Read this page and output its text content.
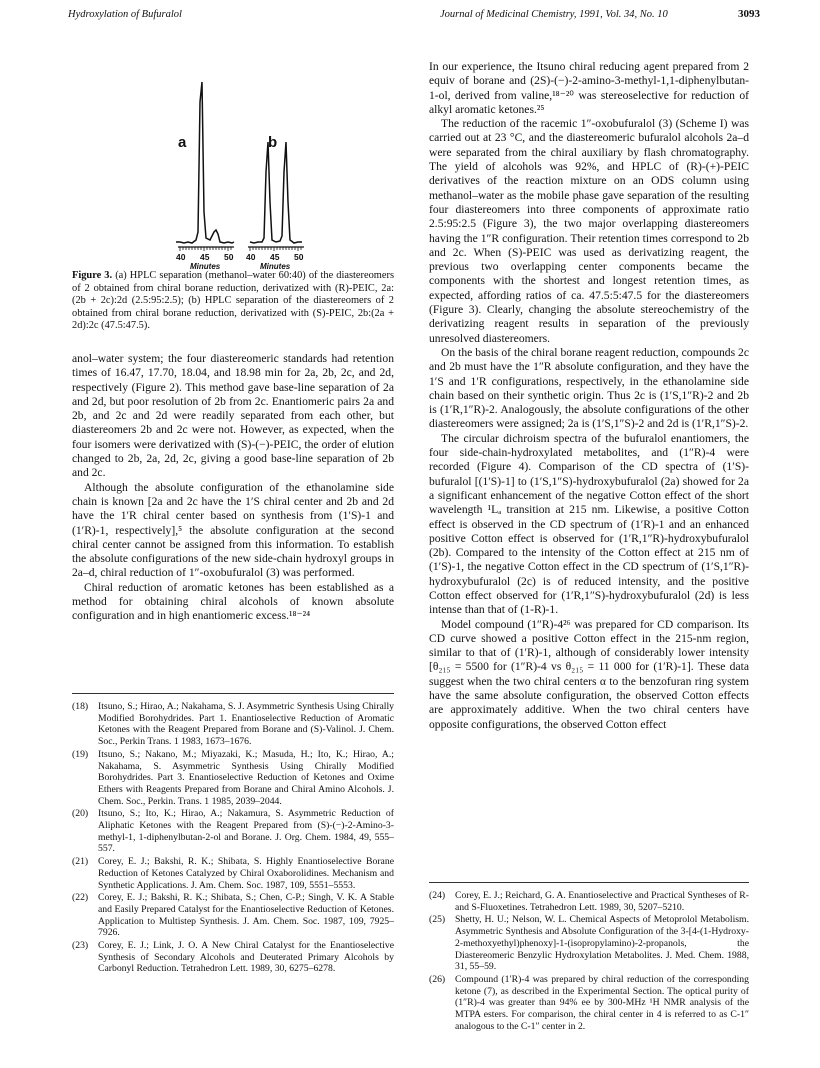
Hydroxylation of Bufuralol	Journal of Medicinal Chemistry, 1991, Vol. 34, No. 10	3093
a	b
40 45 50 40 45 50
Minutes	Minutes
Figure 3. (a) HPLC separation (methanol–water 60:40) of the diastereomers of 2 obtained from chiral borane reduction, derivatized with (R)-PEIC, 2a:(2b + 2c):2d (2.5:95:2.5); (b) HPLC separation of the diastereomers of 2 obtained from chiral borane reduction, derivatized with (S)-PEIC, 2b:(2a + 2d):2c (47.5:47.5).

anol–water system; the four diastereomeric standards had retention times of 16.47, 17.70, 18.04, and 18.98 min for 2a, 2b, 2c, and 2d, respectively (Figure 2). This method gave base-line separation of 2a and 2d, but poor resolution of 2b from 2c. Enantiomeric pairs 2a and 2b, and 2c and 2d were readily separated from each other, but diastereomers 2b and 2c were not. However, as expected, when the four isomers were derivatized with (S)-(−)-PEIC, the order of elution changed to 2b, 2a, 2d, 2c, giving a good base-line separation of 2b and 2c.

Although the absolute configuration of the ethanolamine side chain is known [2a and 2c have the 1′S chiral center and 2b and 2d have the 1′R chiral center based on synthesis from (1′S)-1 and (1′R)-1, respectively],⁵ the absolute configuration at the second chiral center cannot be assigned from this information. To establish the absolute configurations of the new side-chain hydroxyl groups in 2a–d, chiral reduction of 1″-oxobufuralol (3) was performed.

Chiral reduction of aromatic ketones has been established as a method for obtaining chiral alcohols of known absolute configuration and in high enantiomeric excess.¹⁸⁻²⁴

(18)	Itsuno, S.; Hirao, A.; Nakahama, S. J. Asymmetric Synthesis Using Chirally Modified Borohydrides. Part 1. Enantioselective Reduction of Aromatic Ketones with the Reagent Prepared from Borane and (S)-Valinol. J. Chem. Soc., Perkin Trans. 1 1983, 1673–1676.
(19)	Itsuno, S.; Nakano, M.; Miyazaki, K.; Masuda, H.; Ito, K.; Hirao, A.; Nakahama, S. Asymmetric Synthesis Using Chirally Modified Borohydrides. Part 3. Enantioselective Reduction of Ketones and Oxime Ethers with Reagents Prepared from Borane and Chiral Amino Alcohols. J. Chem. Soc., Perkin. Trans. 1 1985, 2039–2044.
(20)	Itsuno, S.; Ito, K.; Hirao, A.; Nakamura, S. Asymmetric Reduction of Aliphatic Ketones with the Reagent Prepared from (S)-(−)-2-Amino-3-methyl-1, 1-diphenylbutan-2-ol and Borane. J. Org. Chem. 1984, 49, 555–557.
(21)	Corey, E. J.; Bakshi, R. K.; Shibata, S. Highly Enantioselective Borane Reduction of Ketones Catalyzed by Chiral Oxaborolidines. Mechanism and Synthetic Applications. J. Am. Chem. Soc. 1987, 109, 5551–5553.
(22)	Corey, E. J.; Bakshi, R. K.; Shibata, S.; Chen, C-P.; Singh, V. K. A Stable and Easily Prepared Catalyst for the Enantioselective Reduction of Ketones. Application to Multistep Synthesis. J. Am. Chem. Soc. 1987, 109, 7925–7926.
(23)	Corey, E. J.; Link, J. O. A New Chiral Catalyst for the Enantioselective Synthesis of Secondary Alcohols and Deuterated Primary Alcohols by Carbonyl Reduction. Tetrahedron Lett. 1989, 30, 6275–6278.

In our experience, the Itsuno chiral reducing agent prepared from 2 equiv of borane and (2S)-(−)-2-amino-3-methyl-1,1-diphenylbutan-1-ol, derived from valine,¹⁸⁻²⁰ was stereoselective for reduction of alkyl aromatic ketones.²⁵

The reduction of the racemic 1″-oxobufuralol (3) (Scheme I) was carried out at 23 °C, and the diastereomeric bufuralol alcohols 2a–d were separated from the chiral auxiliary by flash chromatography. The yield of alcohols was 92%, and HPLC of (R)-(+)-PEIC derivatives of the reaction mixture on an ODS column using methanol–water as the mobile phase gave separation of the resulting four diastereomers into three components of approximate ratio 2.5:95:2.5 (Figure 3), the two major overlapping diastereomers having the 1″R configuration. Their retention times correspond to 2b and 2c. When (S)-PEIC was used as derivatizing reagent, the previous two overlapping center components became the components with the shortest and longest retention times, as expected, affording ratios of ca. 47.5:5:47.5 for the diastereomers (Figure 3). Clearly, changing the absolute stereochemistry of the derivatizing reagent results in separation of the previously unresolved diastereomers.

On the basis of the chiral borane reagent reduction, compounds 2c and 2b must have the 1″R absolute configuration, and they have the 1′S and 1′R configurations, respectively, in the ethanolamine side chain based on their synthetic origin. Thus 2c is (1′S,1″R)-2 and 2b is (1′R,1″R)-2. Analogously, the absolute configurations of the other diastereomers were assigned; 2a is (1′S,1″S)-2 and 2d is (1′R,1″S)-2.

The circular dichroism spectra of the bufuralol enantiomers, the four side-chain-hydroxylated metabolites, and (1″R)-4 were recorded (Figure 4). Comparison of the CD spectra of (1′S)-bufuralol [(1′S)-1] to (1′S,1″S)-hydroxybufuralol (2a) showed for 2a a significant enhancement of the negative Cotton effect of the short wavelength ¹Lₐ transition at 215 nm. Likewise, a positive Cotton effect is observed in the CD spectrum of (1′R)-1 and an enhanced positive Cotton effect is observed for (1′R,1″R)-hydroxybufuralol (2b). Compared to the intensity of the Cotton effect at 215 nm of (1′S)-1, the negative Cotton effect in the CD spectrum of (1′S,1″R)-hydroxybufuralol (2c) is of reduced intensity, and the positive Cotton effect observed for (1′R,1″S)-hydroxybufuralol (2d) is less intense than that of (1-R)-1.

Model compound (1″R)-4²⁶ was prepared for CD comparison. Its CD curve showed a positive Cotton effect in the 215-nm region, similar to that of (1′R)-1, although of considerably lower intensity [θ₂₁₅ = 5500 for (1″R)-4 vs θ₂₁₅ = 11 000 for (1′R)-1]. These data suggest when the two chiral centers α to the benzofuran ring system have the same absolute configuration, the observed Cotton effects are approximately additive. When the two chiral centers have opposite configurations, the observed Cotton effect

(24)	Corey, E. J.; Reichard, G. A. Enantioselective and Practical Syntheses of R- and S-Fluoxetines. Tetrahedron Lett. 1989, 30, 5207–5210.
(25)	Shetty, H. U.; Nelson, W. L. Chemical Aspects of Metoprolol Metabolism. Asymmetric Synthesis and Absolute Configuration of the 3-[4-(1-Hydroxy-2-methoxyethyl)phenoxy]-1-(isopropylamino)-2-propanols, the Diastereomeric Benzylic Hydroxylation Metabolites. J. Med. Chem. 1988, 31, 55–59.
(26)	Compound (1′R)-4 was prepared by chiral reduction of the corresponding ketone (7), as described in the Experimental Section. The optical purity of (1″R)-4 was greater than 94% ee by 300-MHz ¹H NMR analysis of the MTPA esters. For comparison, the chiral center in 4 is referred to as C-1″ analogous to the C-1″ center in 2.
